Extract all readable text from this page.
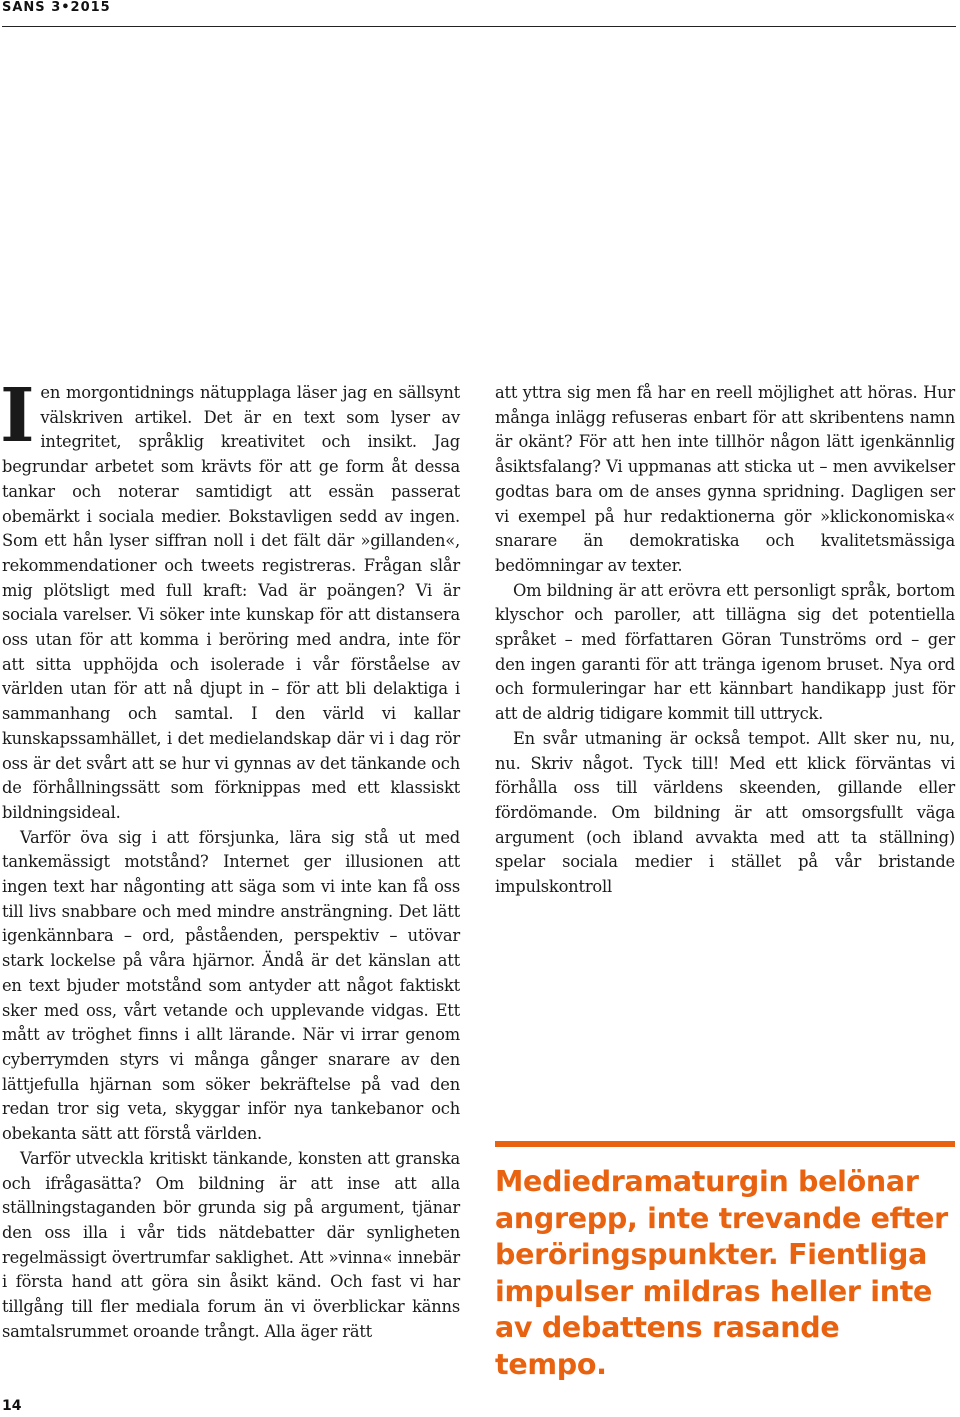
SANS 3•2015

Ien morgontidnings nätupplaga läser jag en sällsynt välskriven artikel. Det är en text som lyser av integritet, språklig kreativitet och insikt. Jag begrundar arbetet som krävts för att ge form åt dessa tankar och noterar samtidigt att essän passerat obemärkt i sociala medier. Bokstavligen sedd av ingen. Som ett hån lyser siffran noll i det fält där »gillanden«, rekommendationer och tweets registreras. Frågan slår mig plötsligt med full kraft: Vad är poängen? Vi är sociala varelser. Vi söker inte kunskap för att distansera oss utan för att komma i beröring med andra, inte för att sitta upphöjda och isolerade i vår förståelse av världen utan för att nå djupt in – för att bli delaktiga i sammanhang och samtal. I den värld vi kallar kunskapssamhället, i det medielandskap där vi i dag rör oss är det svårt att se hur vi gynnas av det tänkande och de förhållningssätt som förknippas med ett klassiskt bildningsideal.

Varför öva sig i att försjunka, lära sig stå ut med tankemässigt motstånd? Internet ger illusionen att ingen text har någonting att säga som vi inte kan få oss till livs snabbare och med mindre ansträngning. Det lätt igenkännbara – ord, påståenden, perspektiv – utövar stark lockelse på våra hjärnor. Ändå är det känslan att en text bjuder motstånd som antyder att något faktiskt sker med oss, vårt vetande och upplevande vidgas. Ett mått av tröghet finns i allt lärande. När vi irrar genom cyberrymden styrs vi många gånger snarare av den lättjefulla hjärnan som söker bekräftelse på vad den redan tror sig veta, skyggar inför nya tankebanor och obekanta sätt att förstå världen.

Varför utveckla kritiskt tänkande, konsten att granska och ifrågasätta? Om bildning är att inse att alla ställningstaganden bör grunda sig på argument, tjänar den oss illa i vår tids nätdebatter där synligheten regelmässigt övertrumfar saklighet. Att »vinna« innebär i första hand att göra sin åsikt känd. Och fast vi har tillgång till fler mediala forum än vi överblickar känns samtalsrummet oroande trångt. Alla äger rätt

att yttra sig men få har en reell möjlighet att höras. Hur många inlägg refuseras enbart för att skribentens namn är okänt? För att hen inte tillhör någon lätt igenkännlig åsiktsfalang? Vi uppmanas att sticka ut – men avvikelser godtas bara om de anses gynna spridning. Dagligen ser vi exempel på hur redaktionerna gör »klickonomiska« snarare än demokratiska och kvalitetsmässiga bedömningar av texter.

Om bildning är att erövra ett personligt språk, bortom klyschor och paroller, att tillägna sig det potentiella språket – med författaren Göran Tunströms ord – ger den ingen garanti för att tränga igenom bruset. Nya ord och formuleringar har ett kännbart handikapp just för att de aldrig tidigare kommit till uttryck.

En svår utmaning är också tempot. Allt sker nu, nu, nu. Skriv något. Tyck till! Med ett klick förväntas vi förhålla oss till världens skeenden, gillande eller fördömande. Om bildning är att omsorgsfullt väga argument (och ibland avvakta med att ta ställning) spelar sociala medier i stället på vår bristande impulskontroll

Mediedramaturgin belönar angrepp, inte trevande efter beröringspunkter. Fientliga impulser mildras heller inte av debattens rasande tempo.
14
